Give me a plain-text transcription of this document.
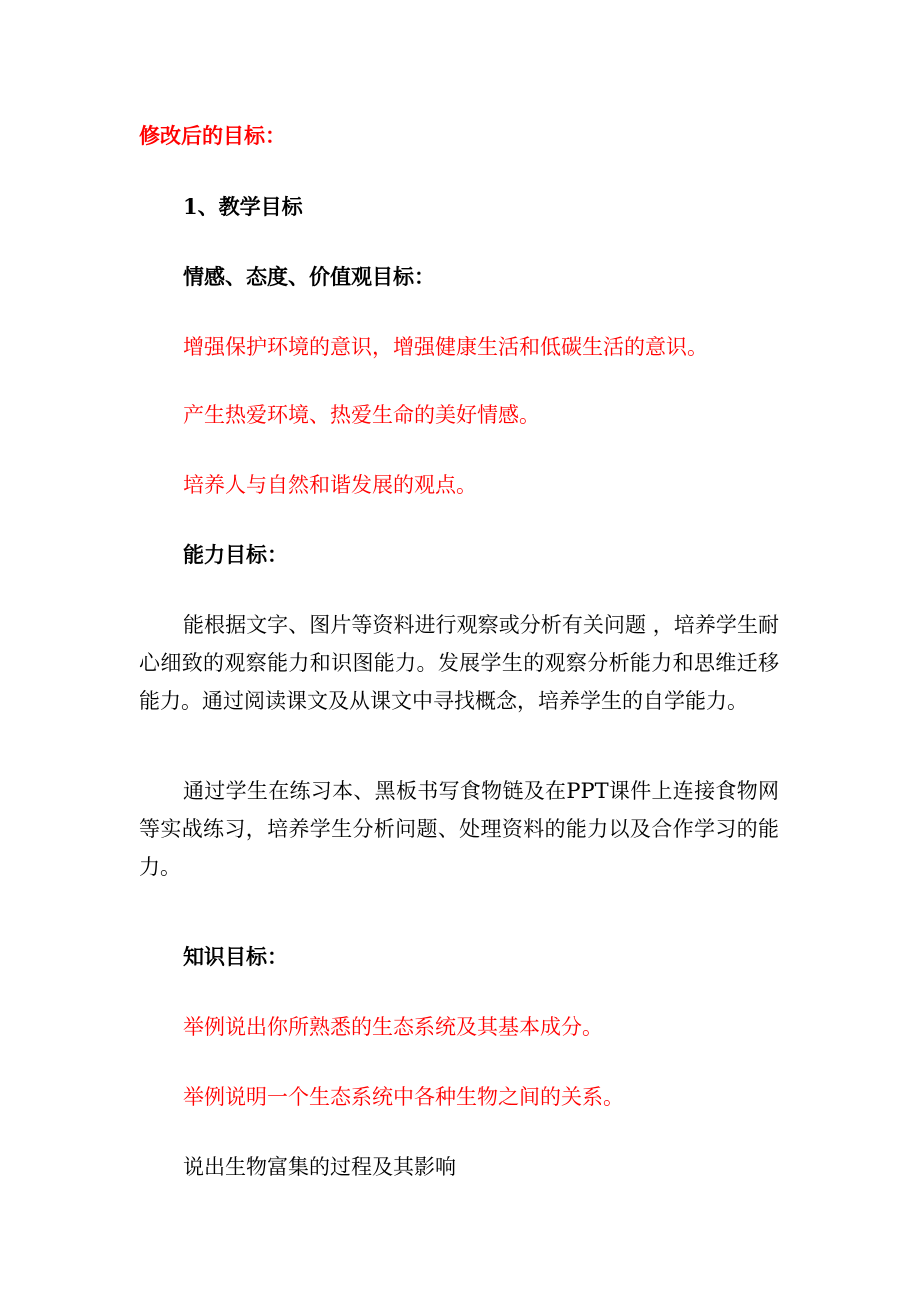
修改后的目标：

1、教学目标

情感、态度、价值观目标：

增强保护环境的意识，增强健康生活和低碳生活的意识。

产生热爱环境、热爱生命的美好情感。

培养人与自然和谐发展的观点。

能力目标：

能根据文字、图片等资料进行观察或分析有关问题 ，培养学生耐心细致的观察能力和识图能力。发展学生的观察分析能力和思维迁移能力。通过阅读课文及从课文中寻找概念，培养学生的自学能力。

通过学生在练习本、黑板书写食物链及在PPT课件上连接食物网等实战练习，培养学生分析问题、处理资料的能力以及合作学习的能力。

知识目标：

举例说出你所熟悉的生态系统及其基本成分。

举例说明一个生态系统中各种生物之间的关系。

说出生物富集的过程及其影响
